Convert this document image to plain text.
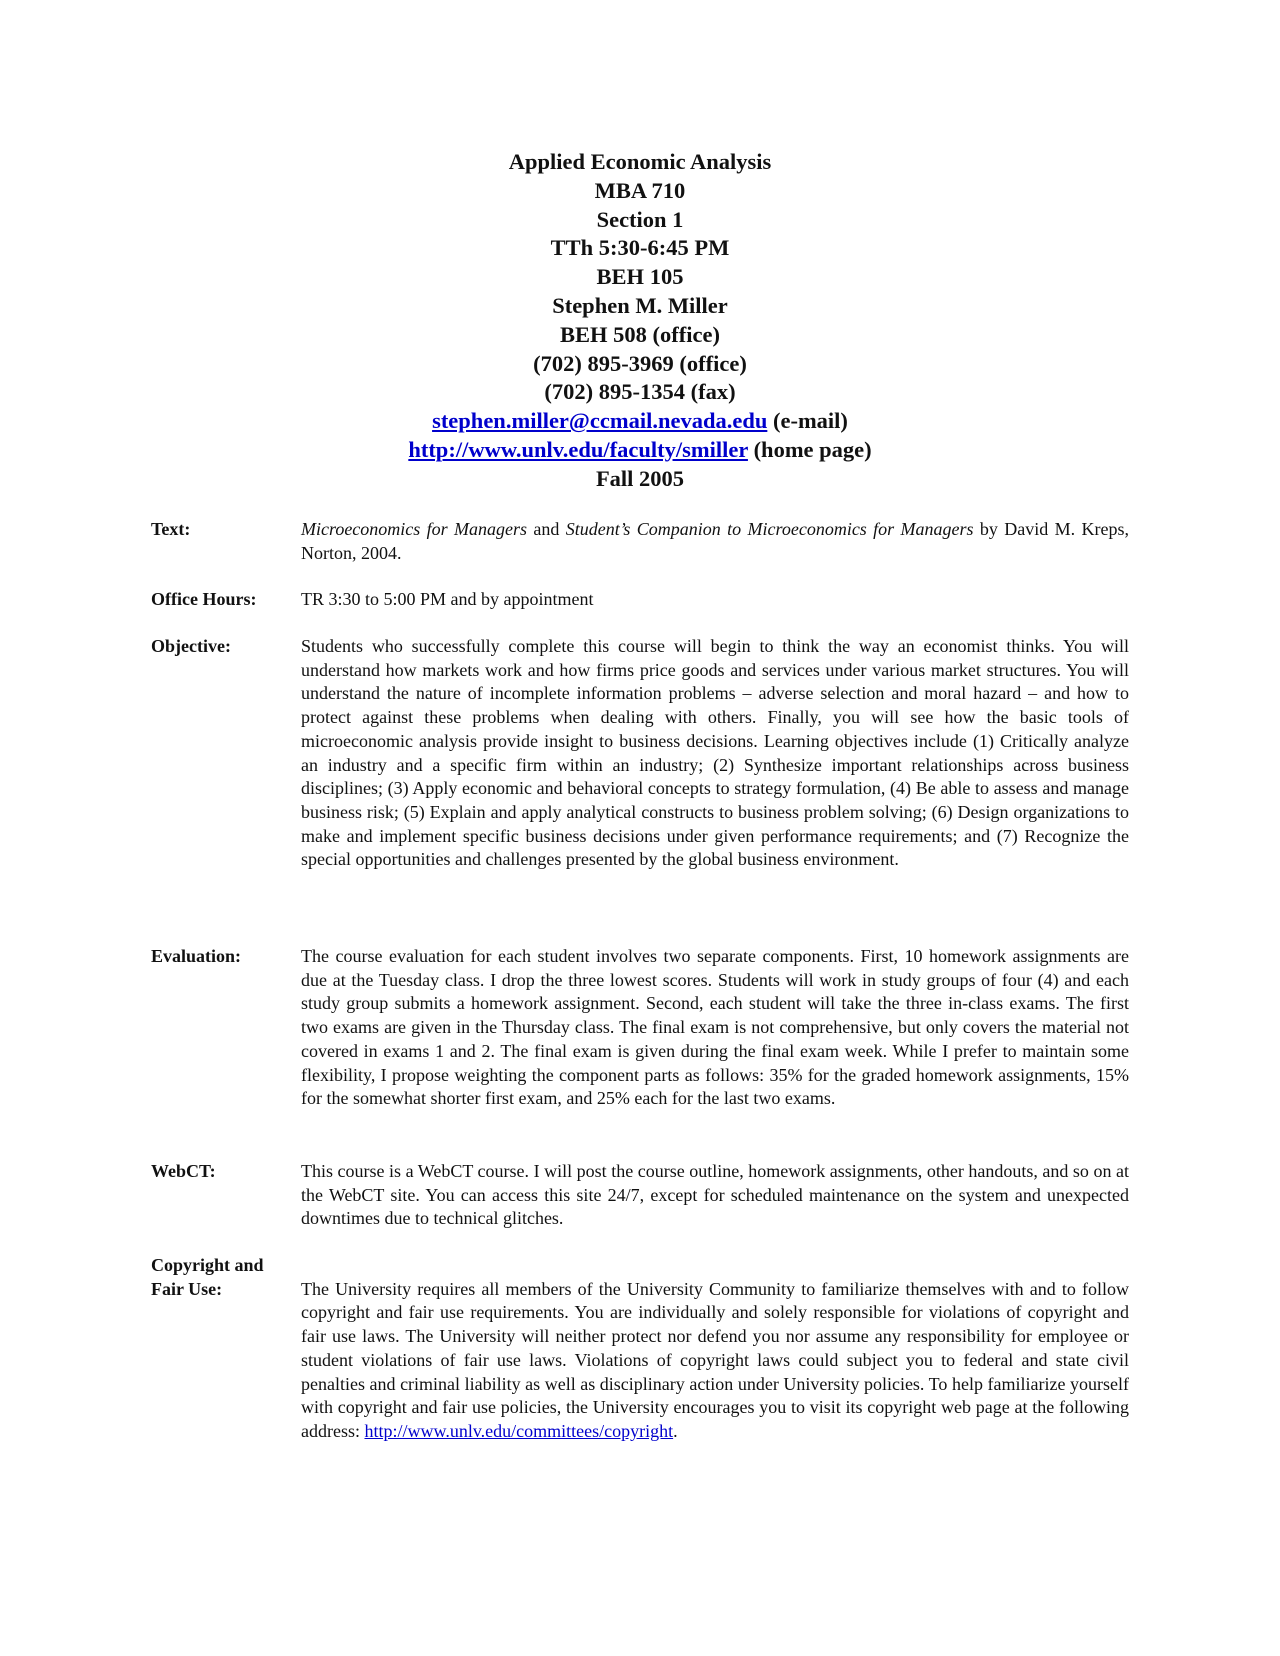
Applied Economic Analysis
MBA 710
Section 1
TTh 5:30-6:45 PM
BEH 105
Stephen M. Miller
BEH 508 (office)
(702) 895-3969 (office)
(702) 895-1354 (fax)
stephen.miller@ccmail.nevada.edu (e-mail)
http://www.unlv.edu/faculty/smiller (home page)
Fall 2005
Text:	Microeconomics for Managers and Student’s Companion to Microeconomics for Managers by David M. Kreps, Norton, 2004.
Office Hours:	TR 3:30 to 5:00 PM and by appointment
Objective:	Students who successfully complete this course will begin to think the way an economist thinks. You will understand how markets work and how firms price goods and services under various market structures. You will understand the nature of incomplete information problems – adverse selection and moral hazard – and how to protect against these problems when dealing with others. Finally, you will see how the basic tools of microeconomic analysis provide insight to business decisions. Learning objectives include (1) Critically analyze an industry and a specific firm within an industry; (2) Synthesize important relationships across business disciplines; (3) Apply economic and behavioral concepts to strategy formulation, (4) Be able to assess and manage business risk; (5) Explain and apply analytical constructs to business problem solving; (6) Design organizations to make and implement specific business decisions under given performance requirements; and (7) Recognize the special opportunities and challenges presented by the global business environment.
Evaluation:	The course evaluation for each student involves two separate components. First, 10 homework assignments are due at the Tuesday class. I drop the three lowest scores. Students will work in study groups of four (4) and each study group submits a homework assignment. Second, each student will take the three in-class exams. The first two exams are given in the Thursday class. The final exam is not comprehensive, but only covers the material not covered in exams 1 and 2. The final exam is given during the final exam week. While I prefer to maintain some flexibility, I propose weighting the component parts as follows: 35% for the graded homework assignments, 15% for the somewhat shorter first exam, and 25% each for the last two exams.
WebCT:	This course is a WebCT course. I will post the course outline, homework assignments, other handouts, and so on at the WebCT site. You can access this site 24/7, except for scheduled maintenance on the system and unexpected downtimes due to technical glitches.
Copyright and
Fair Use:	The University requires all members of the University Community to familiarize themselves with and to follow copyright and fair use requirements. You are individually and solely responsible for violations of copyright and fair use laws. The University will neither protect nor defend you nor assume any responsibility for employee or student violations of fair use laws. Violations of copyright laws could subject you to federal and state civil penalties and criminal liability as well as disciplinary action under University policies. To help familiarize yourself with copyright and fair use policies, the University encourages you to visit its copyright web page at the following address: http://www.unlv.edu/committees/copyright.
